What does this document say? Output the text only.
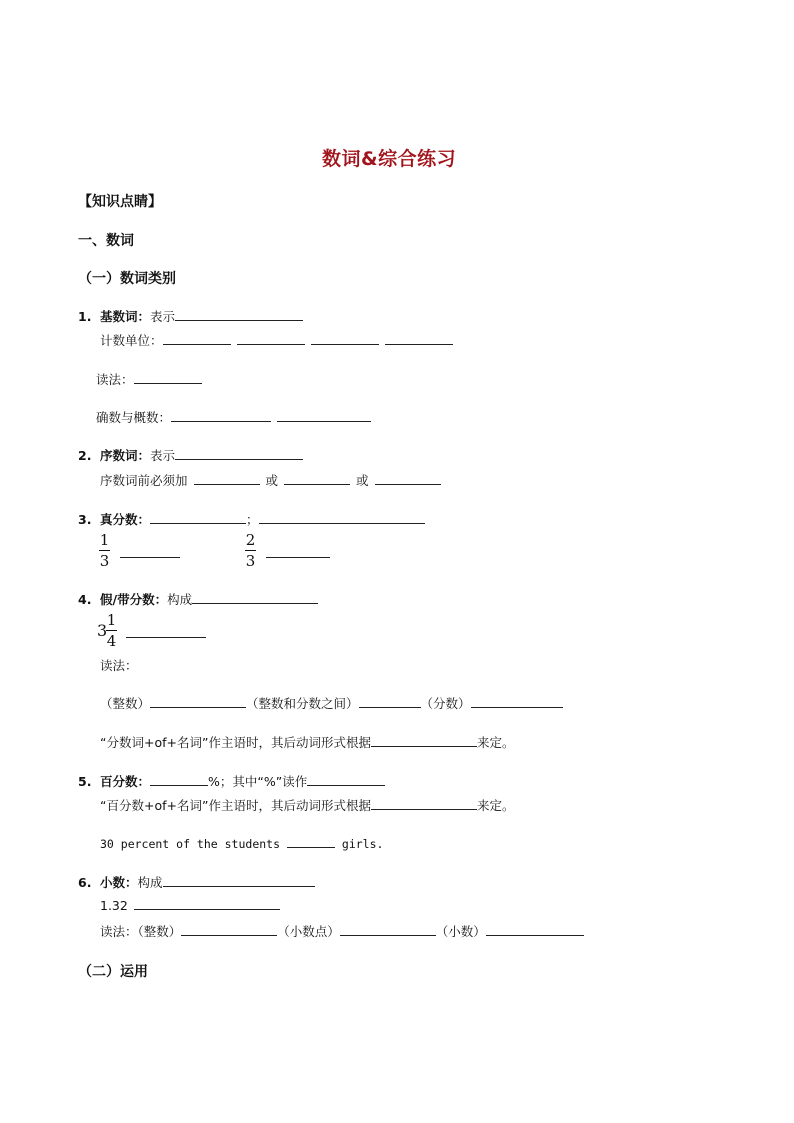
数词&综合练习
【知识点睛】
一、数词
（一）数词类别
1. 基数词：表示
计数单位：
读法：
确数与概数：
2. 序数词：表示
序数词前必须加	或	或
3. 真分数：	；
1
3
2
3
4. 假/带分数：构成
3
1
4
读法：
（整数）	（整数和分数之间）	（分数）
“分数词+of+名词”作主语时，其后动词形式根据	来定。
5. 百分数：	%；其中“%”读作
“百分数+of+名词”作主语时，其后动词形式根据	来定。
30 percent of the students	girls.
6. 小数：构成
1.32
读法：（整数）	（小数点）	（小数）
（二）运用
